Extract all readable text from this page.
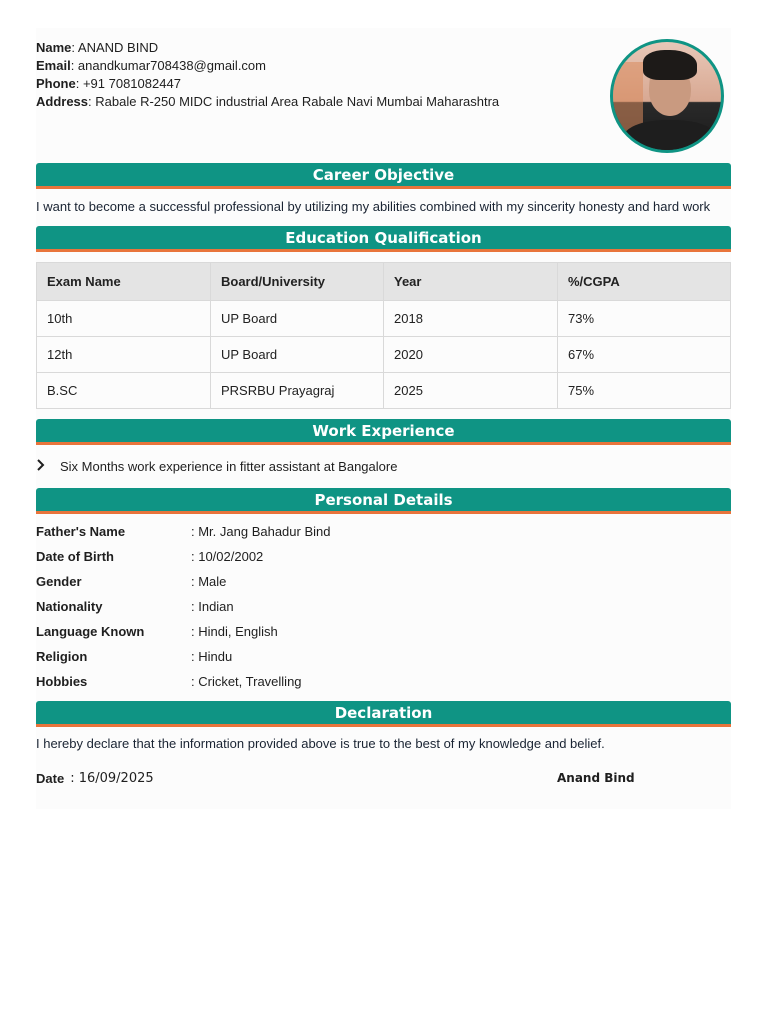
Name: ANAND BIND
Email: anandkumar708438@gmail.com
Phone: +91 7081082447
Address: Rabale R-250 MIDC industrial Area Rabale Navi Mumbai Maharashtra
Career Objective
I want to become a successful professional by utilizing my abilities combined with my sincerity honesty and hard work
Education Qualification
Exam Name	Board/University	Year	%/CGPA
10th	UP Board	2018	73%
12th	UP Board	2020	67%
B.SC	PRSRBU Prayagraj	2025	75%
Work Experience
Six Months work experience in fitter assistant at Bangalore
Personal Details
Father's Name	: Mr. Jang Bahadur Bind
Date of Birth	: 10/02/2002
Gender	: Male
Nationality	: Indian
Language Known	: Hindi, English
Religion	: Hindu
Hobbies	: Cricket, Travelling
Declaration
I hereby declare that the information provided above is true to the best of my knowledge and belief.
Date : 16/09/2025	Anand Bind
